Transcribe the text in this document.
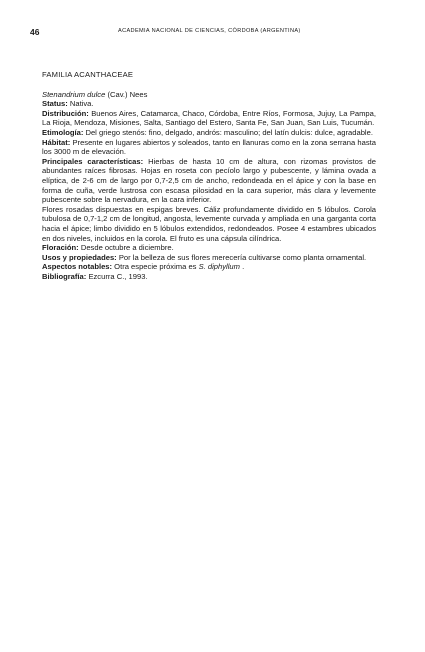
46	ACADEMIA NACIONAL DE CIENCIAS, CÓRDOBA (ARGENTINA)

FAMILIA ACANTHACEAE

Stenandrium dulce (Cav.) Nees

Status: Nativa.

Distribución: Buenos Aires, Catamarca, Chaco, Córdoba, Entre Ríos, Formosa, Jujuy, La Pampa, La Rioja, Mendoza, Misiones, Salta, Santiago del Estero, Santa Fe, San Juan, San Luis, Tucumán.

Etimología: Del griego stenós: fino, delgado, andrós: masculino; del latín dulcis: dulce, agradable.

Hábitat: Presente en lugares abiertos y soleados, tanto en llanuras como en la zona serrana hasta los 3000 m de elevación.

Principales características: Hierbas de hasta 10 cm de altura, con rizomas provistos de abundantes raíces fibrosas. Hojas en roseta con pecíolo largo y pubescente, y lámina ovada a elíptica, de 2-6 cm de largo por 0,7-2,5 cm de ancho, redondeada en el ápice y con la base en forma de cuña, verde lustrosa con escasa pilosidad en la cara superior, más clara y levemente pubescente sobre la nervadura, en la cara inferior.

Flores rosadas dispuestas en espigas breves. Cáliz profundamente dividido en 5 lóbulos. Corola tubulosa de 0,7-1,2 cm de longitud, angosta, levemente curvada y ampliada en una garganta corta hacia el ápice; limbo dividido en 5 lóbulos extendidos, redondeados. Posee 4 estambres ubicados en dos niveles, incluidos en la corola. El fruto es una cápsula cilíndrica.

Floración: Desde octubre a diciembre.

Usos y propiedades: Por la belleza de sus flores merecería cultivarse como planta ornamental.

Aspectos notables: Otra especie próxima es S. diphyllum .

Bibliografía: Ezcurra C., 1993.
